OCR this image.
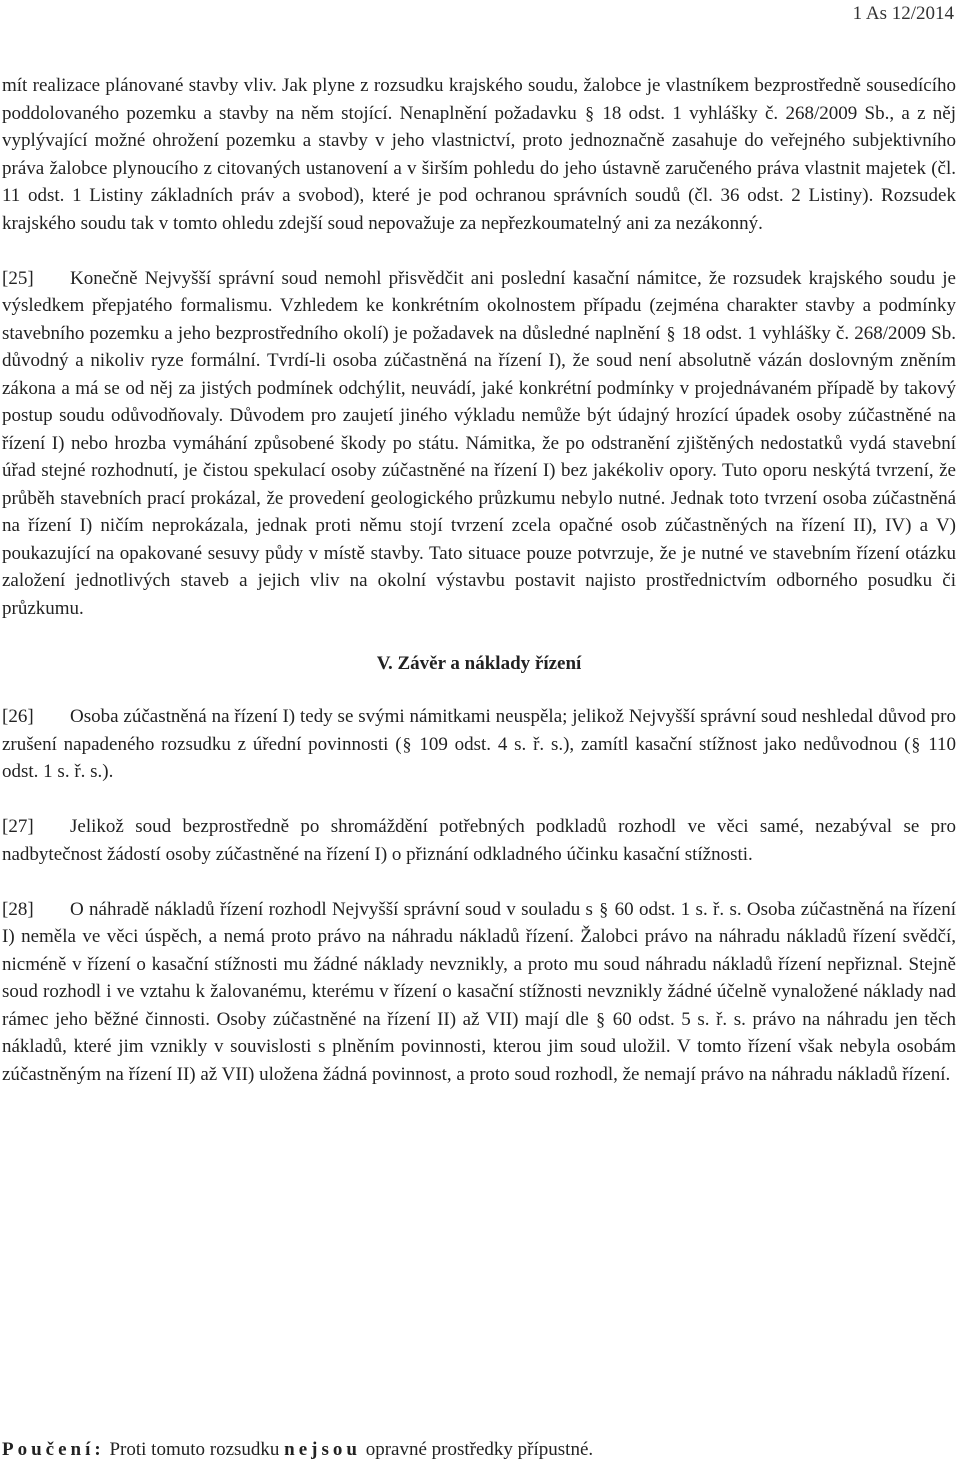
1 As 12/2014

mít realizace plánované stavby vliv. Jak plyne z rozsudku krajského soudu, žalobce je vlastníkem bezprostředně sousedícího poddolovaného pozemku a stavby na něm stojící. Nenaplnění požadavku § 18 odst. 1 vyhlášky č. 268/2009 Sb., a z něj vyplývající možné ohrožení pozemku a stavby v jeho vlastnictví, proto jednoznačně zasahuje do veřejného subjektivního práva žalobce plynoucího z citovaných ustanovení a v širším pohledu do jeho ústavně zaručeného práva vlastnit majetek (čl. 11 odst. 1 Listiny základních práv a svobod), které je pod ochranou správních soudů (čl. 36 odst. 2 Listiny). Rozsudek krajského soudu tak v tomto ohledu zdejší soud nepovažuje za nepřezkoumatelný ani za nezákonný.

[25] Konečně Nejvyšší správní soud nemohl přisvědčit ani poslední kasační námitce, že rozsudek krajského soudu je výsledkem přepjatého formalismu. Vzhledem ke konkrétním okolnostem případu (zejména charakter stavby a podmínky stavebního pozemku a jeho bezprostředního okolí) je požadavek na důsledné naplnění § 18 odst. 1 vyhlášky č. 268/2009 Sb. důvodný a nikoliv ryze formální. Tvrdí-li osoba zúčastněná na řízení I), že soud není absolutně vázán doslovným zněním zákona a má se od něj za jistých podmínek odchýlit, neuvádí, jaké konkrétní podmínky v projednávaném případě by takový postup soudu odůvodňovaly. Důvodem pro zaujetí jiného výkladu nemůže být údajný hrozící úpadek osoby zúčastněné na řízení I) nebo hrozba vymáhání způsobené škody po státu. Námitka, že po odstranění zjištěných nedostatků vydá stavební úřad stejné rozhodnutí, je čistou spekulací osoby zúčastněné na řízení I) bez jakékoliv opory. Tuto oporu neskýtá tvrzení, že průběh stavebních prací prokázal, že provedení geologického průzkumu nebylo nutné. Jednak toto tvrzení osoba zúčastněná na řízení I) ničím neprokázala, jednak proti němu stojí tvrzení zcela opačné osob zúčastněných na řízení II), IV) a V) poukazující na opakované sesuvy půdy v místě stavby. Tato situace pouze potvrzuje, že je nutné ve stavebním řízení otázku založení jednotlivých staveb a jejich vliv na okolní výstavbu postavit najisto prostřednictvím odborného posudku či průzkumu.

V. Závěr a náklady řízení

[26] Osoba zúčastněná na řízení I) tedy se svými námitkami neuspěla; jelikož Nejvyšší správní soud neshledal důvod pro zrušení napadeného rozsudku z úřední povinnosti (§ 109 odst. 4 s. ř. s.), zamítl kasační stížnost jako nedůvodnou (§ 110 odst. 1 s. ř. s.).

[27] Jelikož soud bezprostředně po shromáždění potřebných podkladů rozhodl ve věci samé, nezabýval se pro nadbytečnost žádostí osoby zúčastněné na řízení I) o přiznání odkladného účinku kasační stížnosti.

[28] O náhradě nákladů řízení rozhodl Nejvyšší správní soud v souladu s § 60 odst. 1 s. ř. s. Osoba zúčastněná na řízení I) neměla ve věci úspěch, a nemá proto právo na náhradu nákladů řízení. Žalobci právo na náhradu nákladů řízení svědčí, nicméně v řízení o kasační stížnosti mu žádné náklady nevznikly, a proto mu soud náhradu nákladů řízení nepřiznal. Stejně soud rozhodl i ve vztahu k žalovanému, kterému v řízení o kasační stížnosti nevznikly žádné účelně vynaložené náklady nad rámec jeho běžné činnosti. Osoby zúčastněné na řízení II) až VII) mají dle § 60 odst. 5 s. ř. s. právo na náhradu jen těch nákladů, které jim vznikly v souvislosti s plněním povinnosti, kterou jim soud uložil. V tomto řízení však nebyla osobám zúčastněným na řízení II) až VII) uložena žádná povinnost, a proto soud rozhodl, že nemají právo na náhradu nákladů řízení.

Poučení: Proti tomuto rozsudku nejsou opravné prostředky přípustné.
